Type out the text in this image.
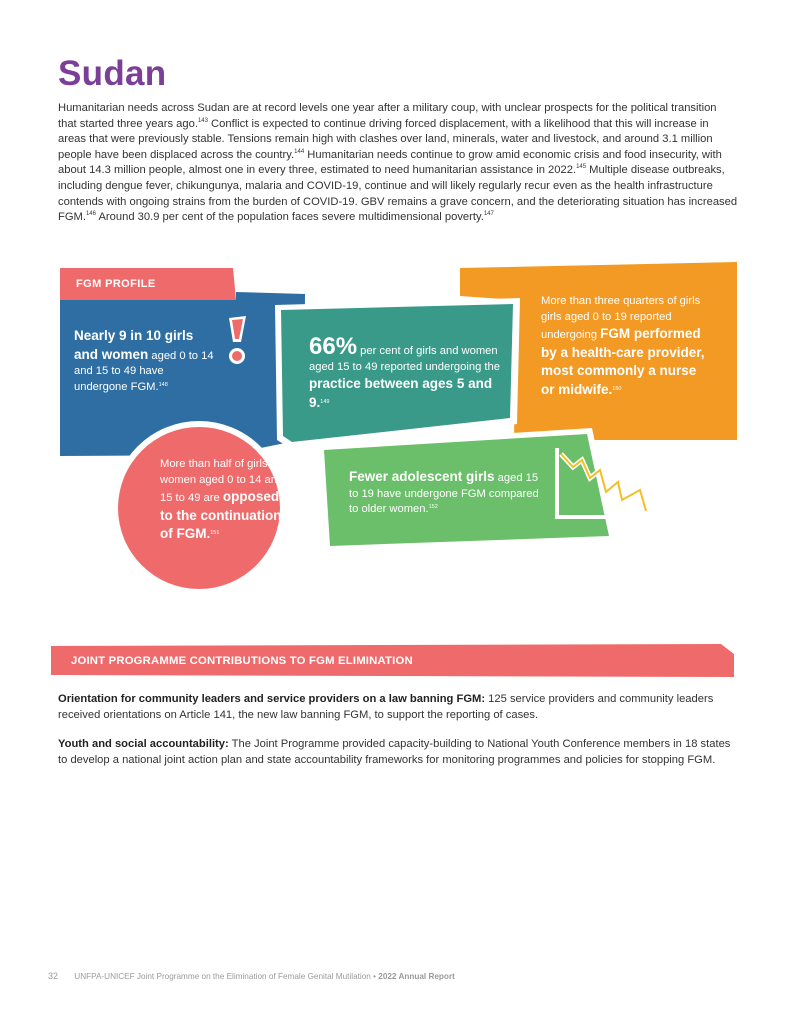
Sudan
Humanitarian needs across Sudan are at record levels one year after a military coup, with unclear prospects for the political transition that started three years ago.$^{143}$ Conflict is expected to continue driving forced displacement, with a likelihood that this will increase in areas that were previously stable. Tensions remain high with clashes over land, minerals, water and livestock, and around 3.1 million people have been displaced across the country.$^{144}$ Humanitarian needs continue to grow amid economic crisis and food insecurity, with about 14.3 million people, almost one in every three, estimated to need humanitarian assistance in 2022.$^{145}$ Multiple disease outbreaks, including dengue fever, chikungunya, malaria and COVID-19, continue and will likely regularly recur even as the health infrastructure contends with ongoing strains from the burden of COVID-19. GBV remains a grave concern, and the deteriorating situation has increased FGM.$^{146}$ Around 30.9 per cent of the population faces severe multidimensional poverty.$^{147}$
FGM PROFILE
Nearly 9 in 10 girls and women aged 0 to 14 and 15 to 49 have undergone FGM.$^{148}$
66% per cent of girls and women aged 15 to 49 reported undergoing the practice between ages 5 and 9.$^{149}$
More than three quarters of girls girls aged 0 to 19 reported undergoing FGM performed by a health-care provider, most commonly a nurse or midwife.$^{150}$
More than half of girls and women aged 0 to 14 and 15 to 49 are opposed to the continuation of FGM.$^{151}$
Fewer adolescent girls aged 15 to 19 have undergone FGM compared to older women.$^{152}$
JOINT PROGRAMME CONTRIBUTIONS TO FGM ELIMINATION
Orientation for community leaders and service providers on a law banning FGM: 125 service providers and community leaders received orientations on Article 141, the new law banning FGM, to support the reporting of cases.
Youth and social accountability: The Joint Programme provided capacity-building to National Youth Conference members in 18 states to develop a national joint action plan and state accountability frameworks for monitoring programmes and policies for stopping FGM.
32 UNFPA-UNICEF Joint Programme on the Elimination of Female Genital Mutilation • 2022 Annual Report
